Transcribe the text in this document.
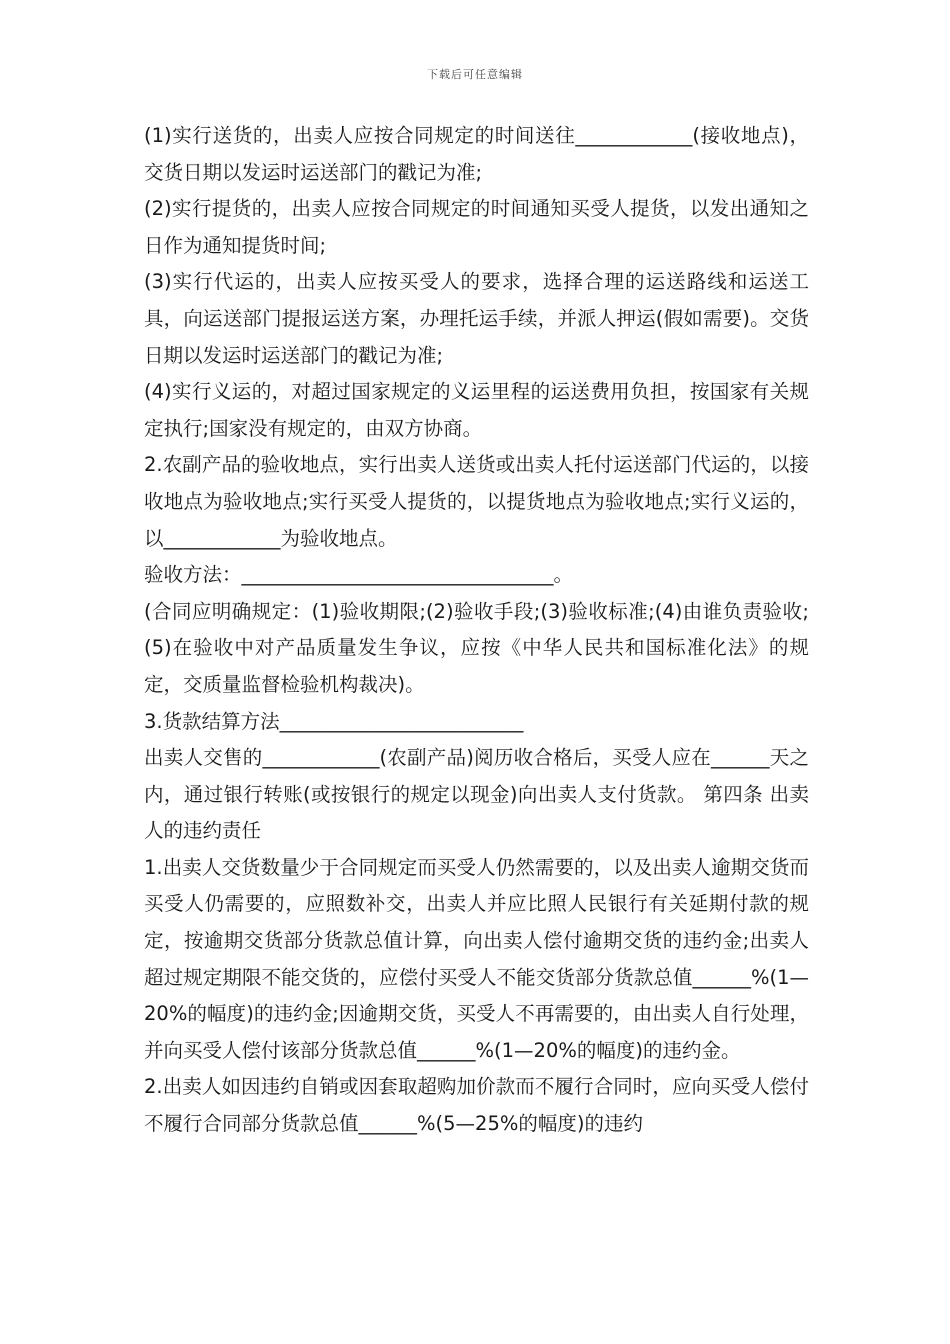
下载后可任意编辑

(1)实行送货的，出卖人应按合同规定的时间送往____________(接收地点)，交货日期以发运时运送部门的戳记为准;

(2)实行提货的，出卖人应按合同规定的时间通知买受人提货，以发出通知之日作为通知提货时间;

(3)实行代运的，出卖人应按买受人的要求，选择合理的运送路线和运送工具，向运送部门提报运送方案，办理托运手续，并派人押运(假如需要)。交货日期以发运时运送部门的戳记为准;

(4)实行义运的，对超过国家规定的义运里程的运送费用负担，按国家有关规定执行;国家没有规定的，由双方协商。

2.农副产品的验收地点，实行出卖人送货或出卖人托付运送部门代运的，以接收地点为验收地点;实行买受人提货的，以提货地点为验收地点;实行义运的，以____________为验收地点。

验收方法：________________________________。

(合同应明确规定：(1)验收期限;(2)验收手段;(3)验收标准;(4)由谁负责验收;(5)在验收中对产品质量发生争议，应按《中华人民共和国标准化法》的规定，交质量监督检验机构裁决)。

3.货款结算方法_________________________

出卖人交售的____________(农副产品)阅历收合格后，买受人应在______天之内，通过银行转账(或按银行的规定以现金)向出卖人支付货款。 第四条 出卖人的违约责任

1.出卖人交货数量少于合同规定而买受人仍然需要的，以及出卖人逾期交货而买受人仍需要的，应照数补交，出卖人并应比照人民银行有关延期付款的规定，按逾期交货部分货款总值计算，向出卖人偿付逾期交货的违约金;出卖人超过规定期限不能交货的，应偿付买受人不能交货部分货款总值______%(1—20%的幅度)的违约金;因逾期交货，买受人不再需要的，由出卖人自行处理，并向买受人偿付该部分货款总值______%(1—20%的幅度)的违约金。

2.出卖人如因违约自销或因套取超购加价款而不履行合同时，应向买受人偿付不履行合同部分货款总值______%(5—25%的幅度)的违约
